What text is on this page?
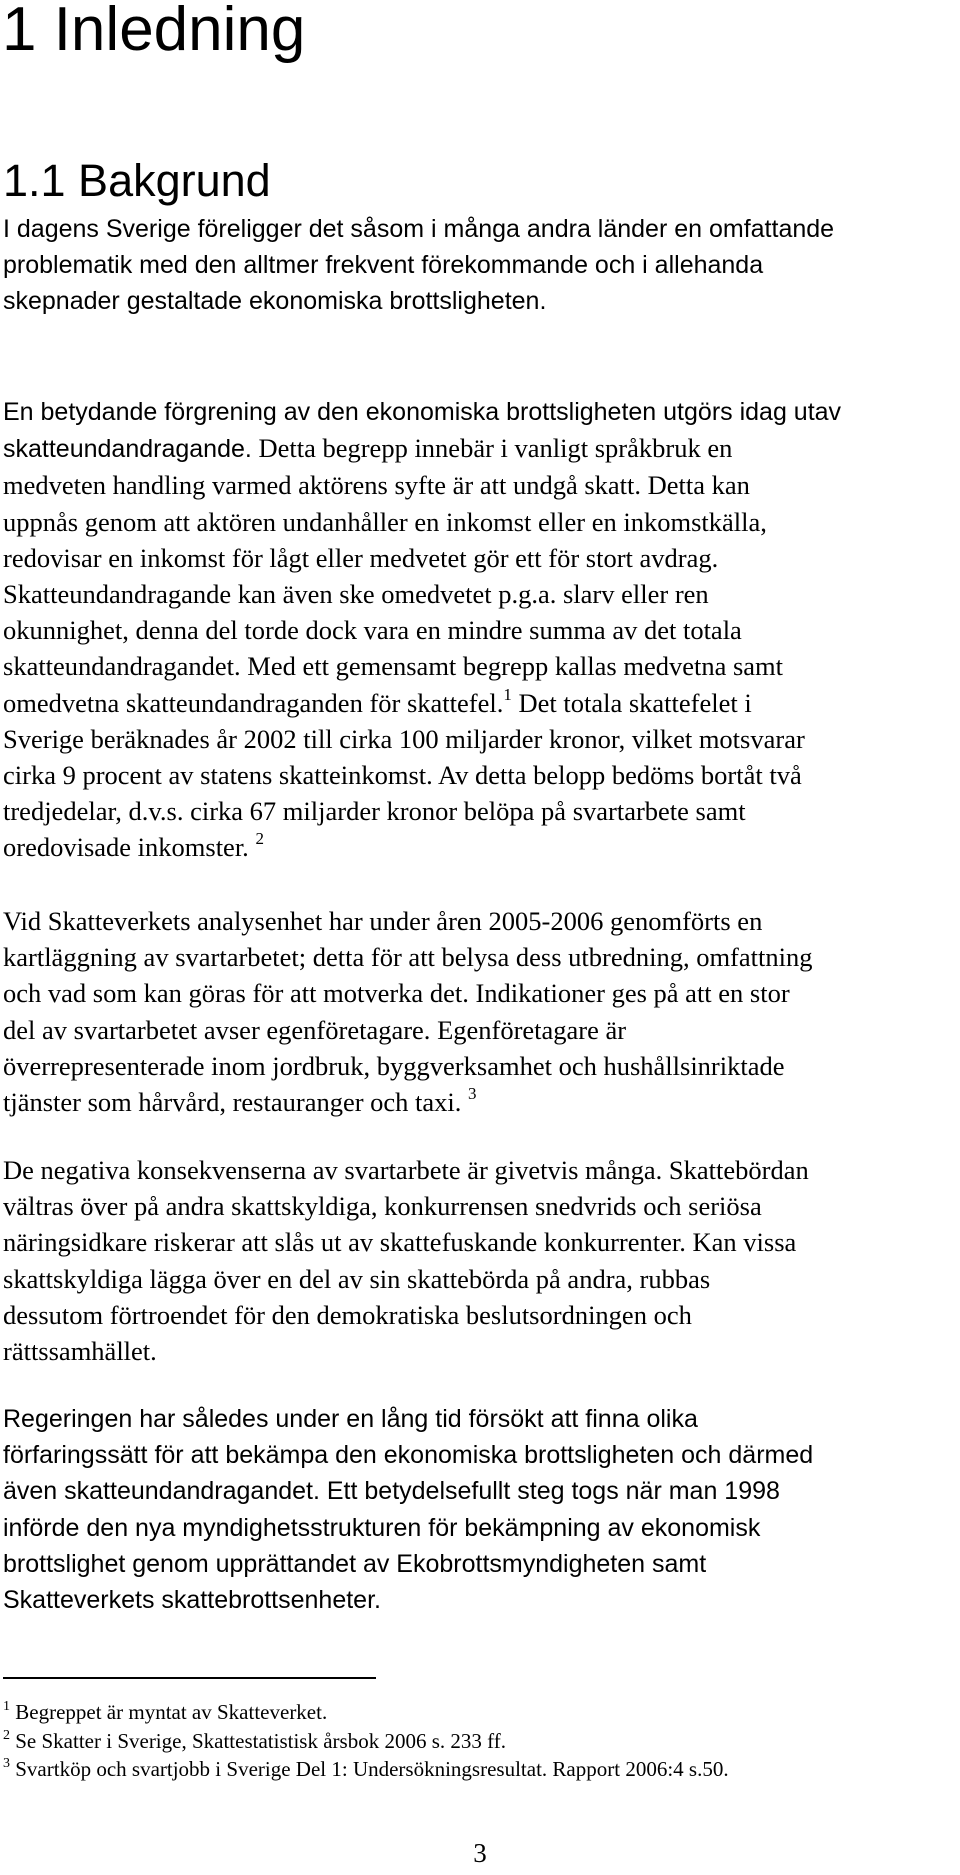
1 Inledning
1.1 Bakgrund
I dagens Sverige föreligger det såsom i många andra länder en omfattande
problematik med den alltmer frekvent förekommande och i allehanda
skepnader gestaltade ekonomiska brottsligheten.
En betydande förgrening av den ekonomiska brottsligheten utgörs idag utav
skatteundandragande. Detta begrepp innebär i vanligt språkbruk en
medveten handling varmed aktörens syfte är att undgå skatt. Detta kan
uppnås genom att aktören undanhåller en inkomst eller en inkomstkälla,
redovisar en inkomst för lågt eller medvetet gör ett för stort avdrag.
Skatteundandragande kan även ske omedvetet p.g.a. slarv eller ren
okunnighet, denna del torde dock vara en mindre summa av det totala
skatteundandragandet. Med ett gemensamt begrepp kallas medvetna samt
omedvetna skatteundandraganden för skattefel.$^1$ Det totala skattefelet i
Sverige beräknades år 2002 till cirka 100 miljarder kronor, vilket motsvarar
cirka 9 procent av statens skatteinkomst. Av detta belopp bedöms bortåt två
tredjedelar, d.v.s. cirka 67 miljarder kronor belöpa på svartarbete samt
oredovisade inkomster. $^2$
Vid Skatteverkets analysenhet har under åren 2005-2006 genomförts en
kartläggning av svartarbetet; detta för att belysa dess utbredning, omfattning
och vad som kan göras för att motverka det. Indikationer ges på att en stor
del av svartarbetet avser egenföretagare. Egenföretagare är
överrepresenterade inom jordbruk, byggverksamhet och hushållsinriktade
tjänster som hårvård, restauranger och taxi. $^3$
De negativa konsekvenserna av svartarbete är givetvis många. Skattebördan
vältras över på andra skattskyldiga, konkurrensen snedvrids och seriösa
näringsidkare riskerar att slås ut av skattefuskande konkurrenter. Kan vissa
skattskyldiga lägga över en del av sin skattebörda på andra, rubbas
dessutom förtroendet för den demokratiska beslutsordningen och
rättssamhället.
Regeringen har således under en lång tid försökt att finna olika
förfaringssätt för att bekämpa den ekonomiska brottsligheten och därmed
även skatteundandragandet. Ett betydelsefullt steg togs när man 1998
införde den nya myndighetsstrukturen för bekämpning av ekonomisk
brottslighet genom upprättandet av Ekobrottsmyndigheten samt
Skatteverkets skattebrottsenheter.
$^1$ Begreppet är myntat av Skatteverket.
$^2$ Se Skatter i Sverige, Skattestatistisk årsbok 2006 s. 233 ff.
$^3$ Svartköp och svartjobb i Sverige Del 1: Undersökningsresultat. Rapport 2006:4 s.50.
3
